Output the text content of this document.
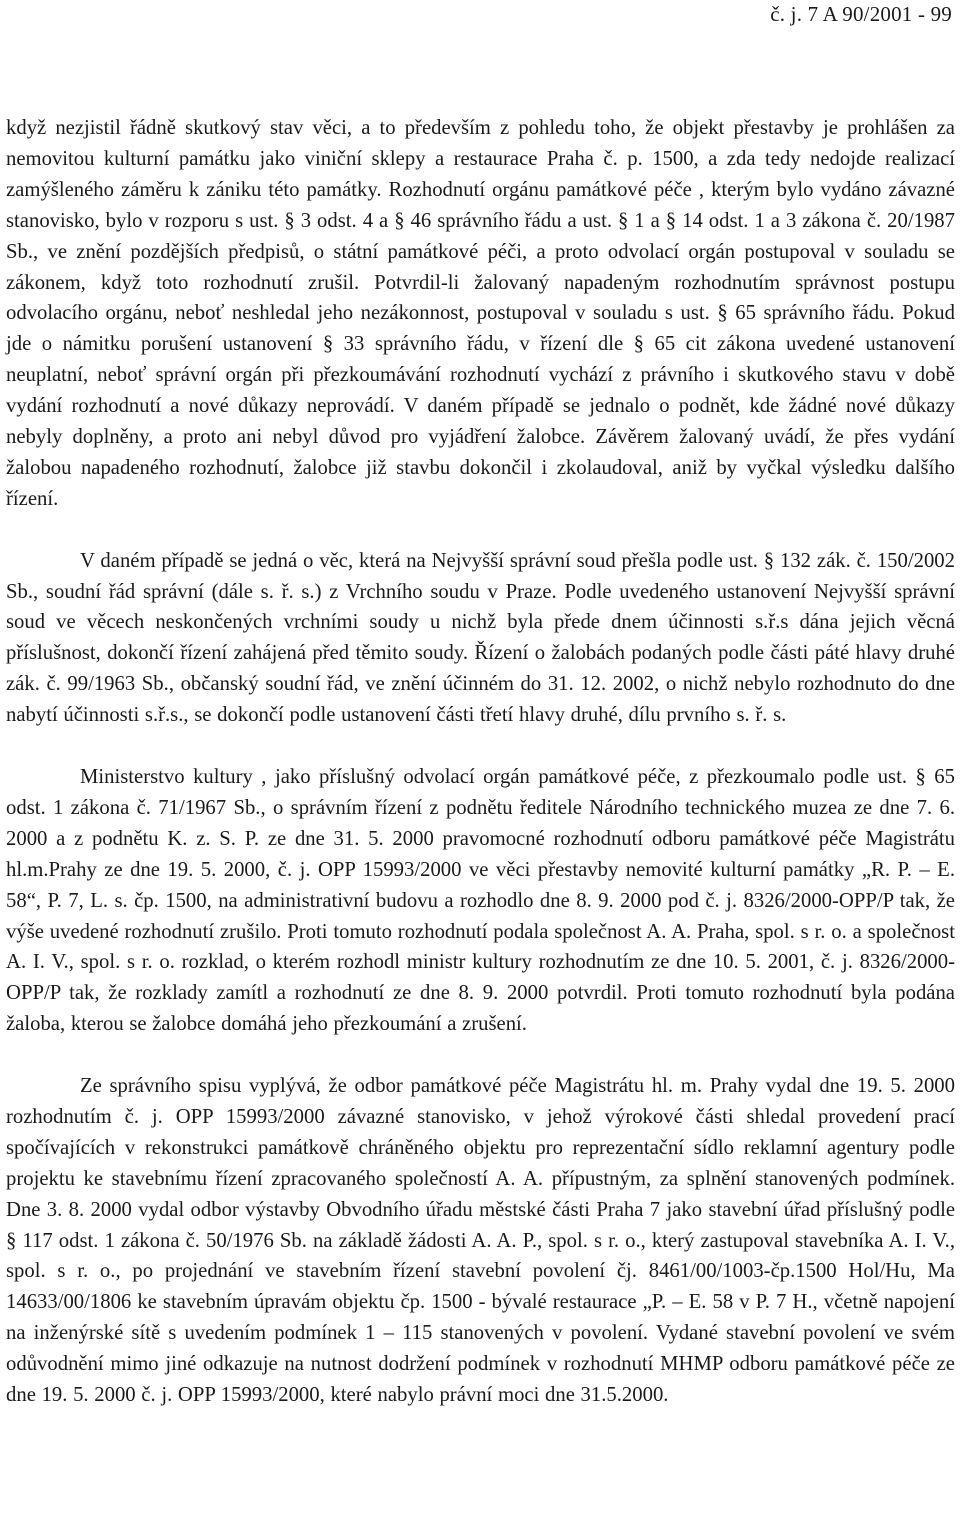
č. j. 7 A 90/2001 - 99

když nezjistil řádně skutkový stav věci, a to především z pohledu toho, že objekt přestavby je prohlášen za nemovitou kulturní památku jako viniční sklepy a restaurace Praha č. p. 1500, a zda tedy nedojde realizací zamýšleného záměru k zániku této památky. Rozhodnutí orgánu památkové péče , kterým bylo vydáno závazné stanovisko, bylo v rozporu s ust. § 3 odst. 4 a § 46 správního řádu a ust. § 1 a § 14 odst. 1 a 3 zákona č. 20/1987 Sb., ve znění pozdějších předpisů, o státní památkové péči, a proto odvolací orgán postupoval v souladu se zákonem, když toto rozhodnutí zrušil. Potvrdil-li žalovaný napadeným rozhodnutím správnost postupu odvolacího orgánu, neboť neshledal jeho nezákonnost, postupoval v souladu s ust. § 65 správního řádu. Pokud jde o námitku porušení ustanovení § 33 správního řádu, v řízení dle § 65 cit zákona uvedené ustanovení neuplatní, neboť správní orgán při přezkoumávání rozhodnutí vychází z právního i skutkového stavu v době vydání rozhodnutí a nové důkazy neprovádí. V daném případě se jednalo o podnět, kde žádné nové důkazy nebyly doplněny, a proto ani nebyl důvod pro vyjádření žalobce. Závěrem žalovaný uvádí, že přes vydání žalobou napadeného rozhodnutí, žalobce již stavbu dokončil i zkolaudoval, aniž by vyčkal výsledku dalšího řízení.

V daném případě se jedná o věc, která na Nejvyšší správní soud přešla podle ust. § 132 zák. č. 150/2002 Sb., soudní řád správní (dále s. ř. s.) z Vrchního soudu v Praze. Podle uvedeného ustanovení Nejvyšší správní soud ve věcech neskončených vrchními soudy u nichž byla přede dnem účinnosti s.ř.s dána jejich věcná příslušnost, dokončí řízení zahájená před těmito soudy. Řízení o žalobách podaných podle části páté hlavy druhé zák. č. 99/1963 Sb., občanský soudní řád, ve znění účinném do 31. 12. 2002, o nichž nebylo rozhodnuto do dne nabytí účinnosti s.ř.s., se dokončí podle ustanovení části třetí hlavy druhé, dílu prvního s. ř. s.

Ministerstvo kultury , jako příslušný odvolací orgán památkové péče, z přezkoumalo podle ust. § 65 odst. 1 zákona č. 71/1967 Sb., o správním řízení z podnětu ředitele Národního technického muzea ze dne 7. 6. 2000 a z podnětu K. z. S. P. ze dne 31. 5. 2000 pravomocné rozhodnutí odboru památkové péče Magistrátu hl.m.Prahy ze dne 19. 5. 2000, č. j. OPP 15993/2000 ve věci přestavby nemovité kulturní památky „R. P. – E. 58“, P. 7, L. s. čp. 1500, na administrativní budovu a rozhodlo dne 8. 9. 2000 pod č. j. 8326/2000-OPP/P tak, že výše uvedené rozhodnutí zrušilo. Proti tomuto rozhodnutí podala společnost A. A. Praha, spol. s r. o. a společnost A. I. V., spol. s r. o. rozklad, o kterém rozhodl ministr kultury rozhodnutím ze dne 10. 5. 2001, č. j. 8326/2000-OPP/P tak, že rozklady zamítl a rozhodnutí ze dne 8. 9. 2000 potvrdil. Proti tomuto rozhodnutí byla podána žaloba, kterou se žalobce domáhá jeho přezkoumání a zrušení.

Ze správního spisu vyplývá, že odbor památkové péče Magistrátu hl. m. Prahy vydal dne 19. 5. 2000 rozhodnutím č. j. OPP 15993/2000 závazné stanovisko, v jehož výrokové části shledal provedení prací spočívajících v rekonstrukci památkově chráněného objektu pro reprezentační sídlo reklamní agentury podle projektu ke stavebnímu řízení zpracovaného společností A. A. přípustným, za splnění stanovených podmínek. Dne 3. 8. 2000 vydal odbor výstavby Obvodního úřadu městské části Praha 7 jako stavební úřad příslušný podle § 117 odst. 1 zákona č. 50/1976 Sb. na základě žádosti A. A. P., spol. s r. o., který zastupoval stavebníka A. I. V., spol. s r. o., po projednání ve stavebním řízení stavební povolení čj. 8461/00/1003-čp.1500 Hol/Hu, Ma 14633/00/1806 ke stavebním úpravám objektu čp. 1500 - bývalé restaurace „P. – E. 58 v P. 7 H., včetně napojení na inženýrské sítě s uvedením podmínek 1 – 115 stanovených v povolení. Vydané stavební povolení ve svém odůvodnění mimo jiné odkazuje na nutnost dodržení podmínek v rozhodnutí MHMP odboru památkové péče ze dne 19. 5. 2000 č. j. OPP 15993/2000, které nabylo právní moci dne 31.5.2000.
